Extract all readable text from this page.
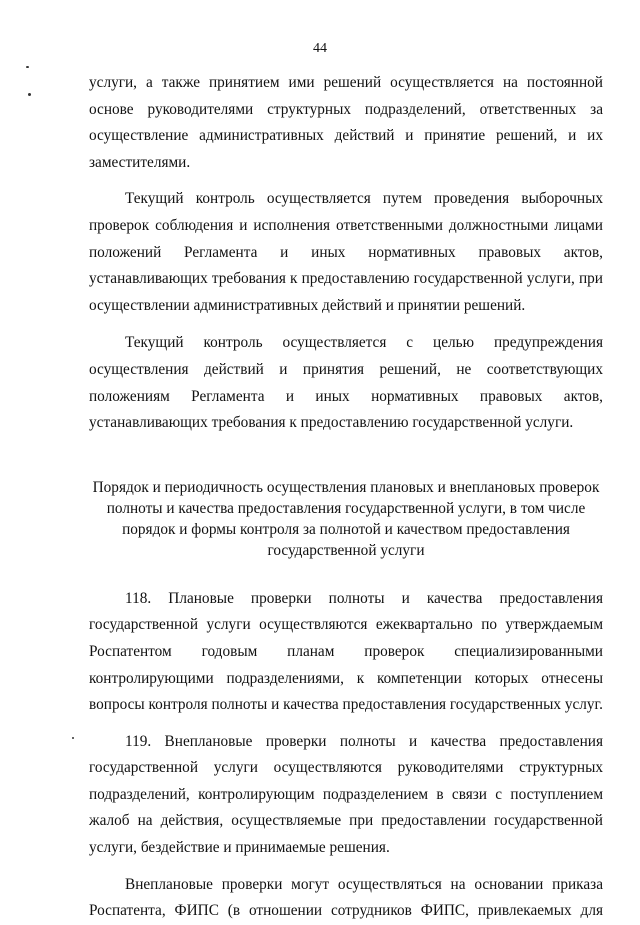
44

услуги, а также принятием ими решений осуществляется на постоянной основе руководителями структурных подразделений, ответственных за осуществление административных действий и принятие решений, и их заместителями.

Текущий контроль осуществляется путем проведения выборочных проверок соблюдения и исполнения ответственными должностными лицами положений Регламента и иных нормативных правовых актов, устанавливающих требования к предоставлению государственной услуги, при осуществлении административных действий и принятии решений.

Текущий контроль осуществляется с целью предупреждения осуществления действий и принятия решений, не соответствующих положениям Регламента и иных нормативных правовых актов, устанавливающих требования к предоставлению государственной услуги.

Порядок и периодичность осуществления плановых и внеплановых проверок полноты и качества предоставления государственной услуги, в том числе порядок и формы контроля за полнотой и качеством предоставления государственной услуги

118. Плановые проверки полноты и качества предоставления государственной услуги осуществляются ежеквартально по утверждаемым Роспатентом годовым планам проверок специализированными контролирующими подразделениями, к компетенции которых отнесены вопросы контроля полноты и качества предоставления государственных услуг.

119. Внеплановые проверки полноты и качества предоставления государственной услуги осуществляются руководителями структурных подразделений, контролирующим подразделением в связи с поступлением жалоб на действия, осуществляемые при предоставлении государственной услуги, бездействие и принимаемые решения.

Внеплановые проверки могут осуществляться на основании приказа Роспатента, ФИПС (в отношении сотрудников ФИПС, привлекаемых для
